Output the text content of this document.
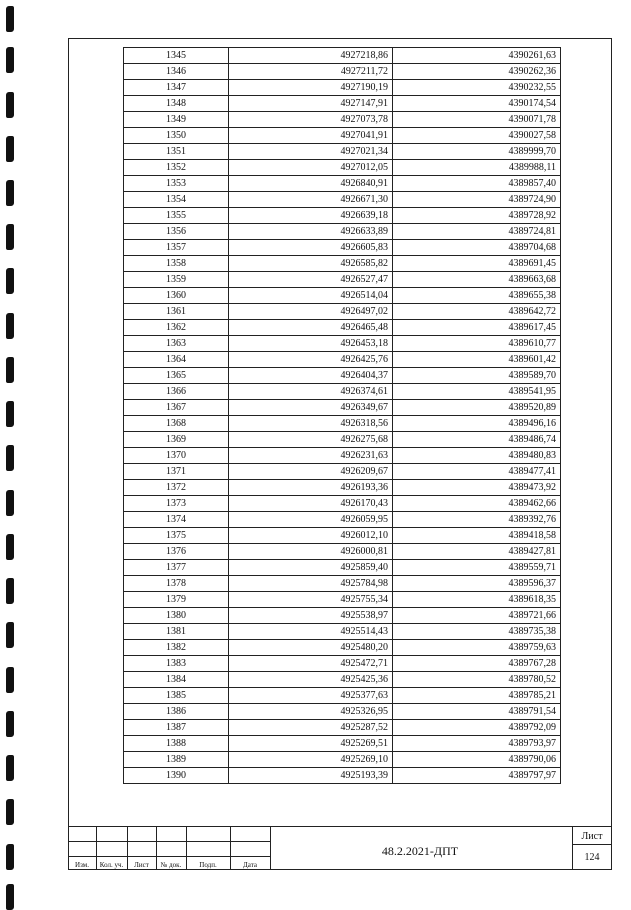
1345	4927218,86	4390261,63
1346	4927211,72	4390262,36
1347	4927190,19	4390232,55
1348	4927147,91	4390174,54
1349	4927073,78	4390071,78
1350	4927041,91	4390027,58
1351	4927021,34	4389999,70
1352	4927012,05	4389988,11
1353	4926840,91	4389857,40
1354	4926671,30	4389724,90
1355	4926639,18	4389728,92
1356	4926633,89	4389724,81
1357	4926605,83	4389704,68
1358	4926585,82	4389691,45
1359	4926527,47	4389663,68
1360	4926514,04	4389655,38
1361	4926497,02	4389642,72
1362	4926465,48	4389617,45
1363	4926453,18	4389610,77
1364	4926425,76	4389601,42
1365	4926404,37	4389589,70
1366	4926374,61	4389541,95
1367	4926349,67	4389520,89
1368	4926318,56	4389496,16
1369	4926275,68	4389486,74
1370	4926231,63	4389480,83
1371	4926209,67	4389477,41
1372	4926193,36	4389473,92
1373	4926170,43	4389462,66
1374	4926059,95	4389392,76
1375	4926012,10	4389418,58
1376	4926000,81	4389427,81
1377	4925859,40	4389559,71
1378	4925784,98	4389596,37
1379	4925755,34	4389618,35
1380	4925538,97	4389721,66
1381	4925514,43	4389735,38
1382	4925480,20	4389759,63
1383	4925472,71	4389767,28
1384	4925425,36	4389780,52
1385	4925377,63	4389785,21
1386	4925326,95	4389791,54
1387	4925287,52	4389792,09
1388	4925269,51	4389793,97
1389	4925269,10	4389790,06
1390	4925193,39	4389797,97
Изм.	Кол. уч.	Лист	№ док.	Подп.	Дата
48.2.2021-ДПТ
Лист
124
